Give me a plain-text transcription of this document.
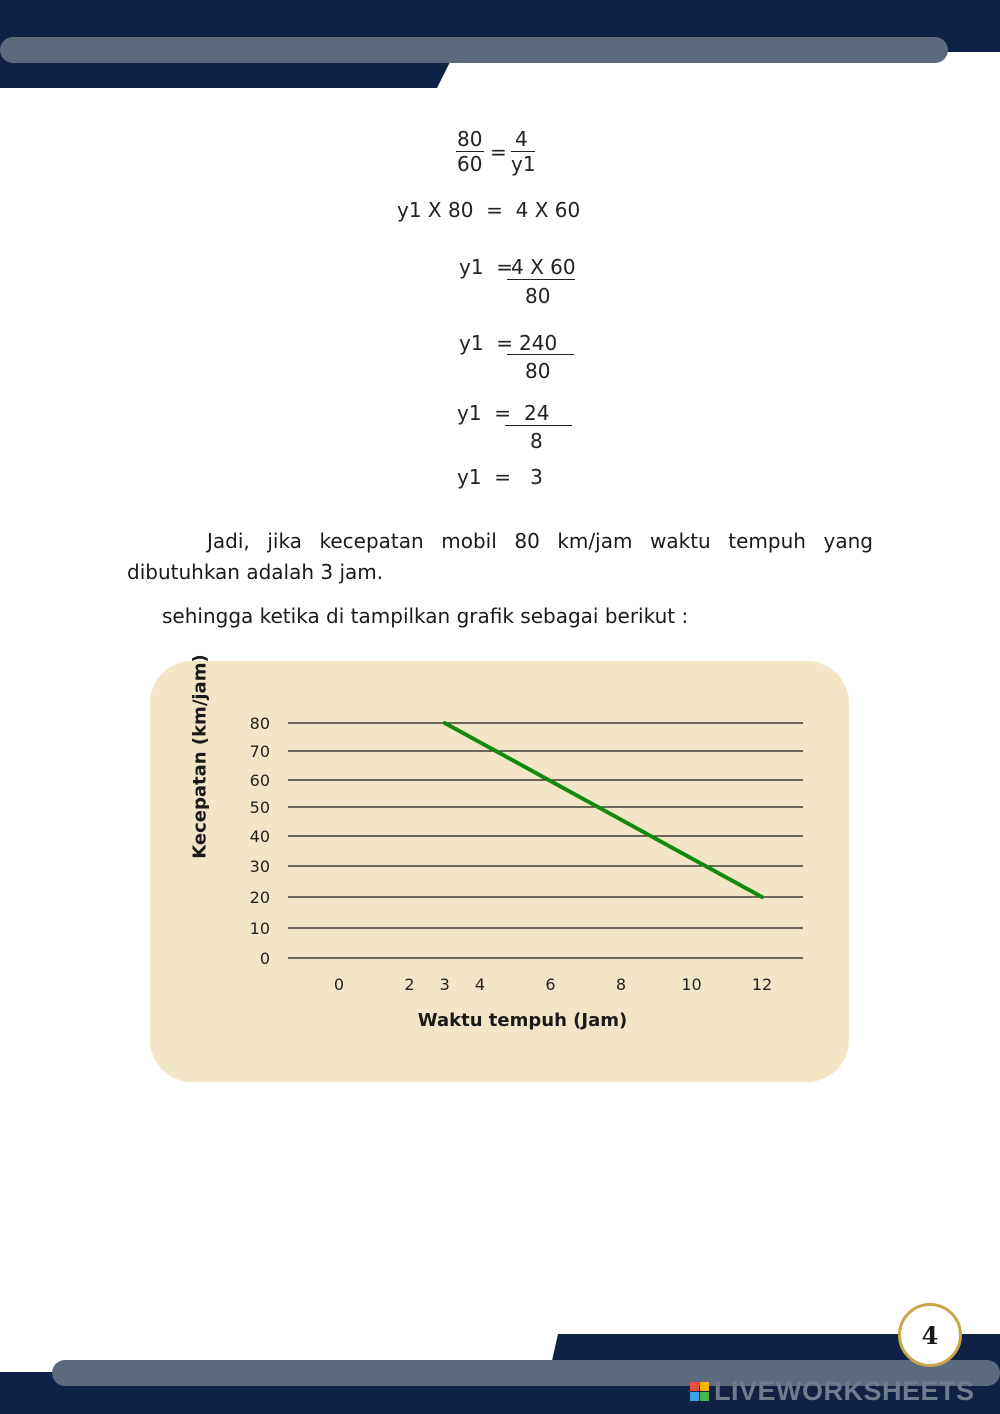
80
60 =
4
y1
y1 X 80  =  4 X 60
y1  =
4 X 60
80
y1  = 240
80
y1  = 24
8
y1  =   3
Jadi, jika kecepatan mobil 80 km/jam waktu tempuh yang
dibutuhkan adalah 3 jam.
sehingga ketika di tampilkan grafik sebagai berikut :
0
10
20
30
40
50
60
70
80
0	2 3 4	6	8	10	12
Waktu tempuh (Jam)
Kecepatan (km/jam)
4
LIVEWORKSHEETS
